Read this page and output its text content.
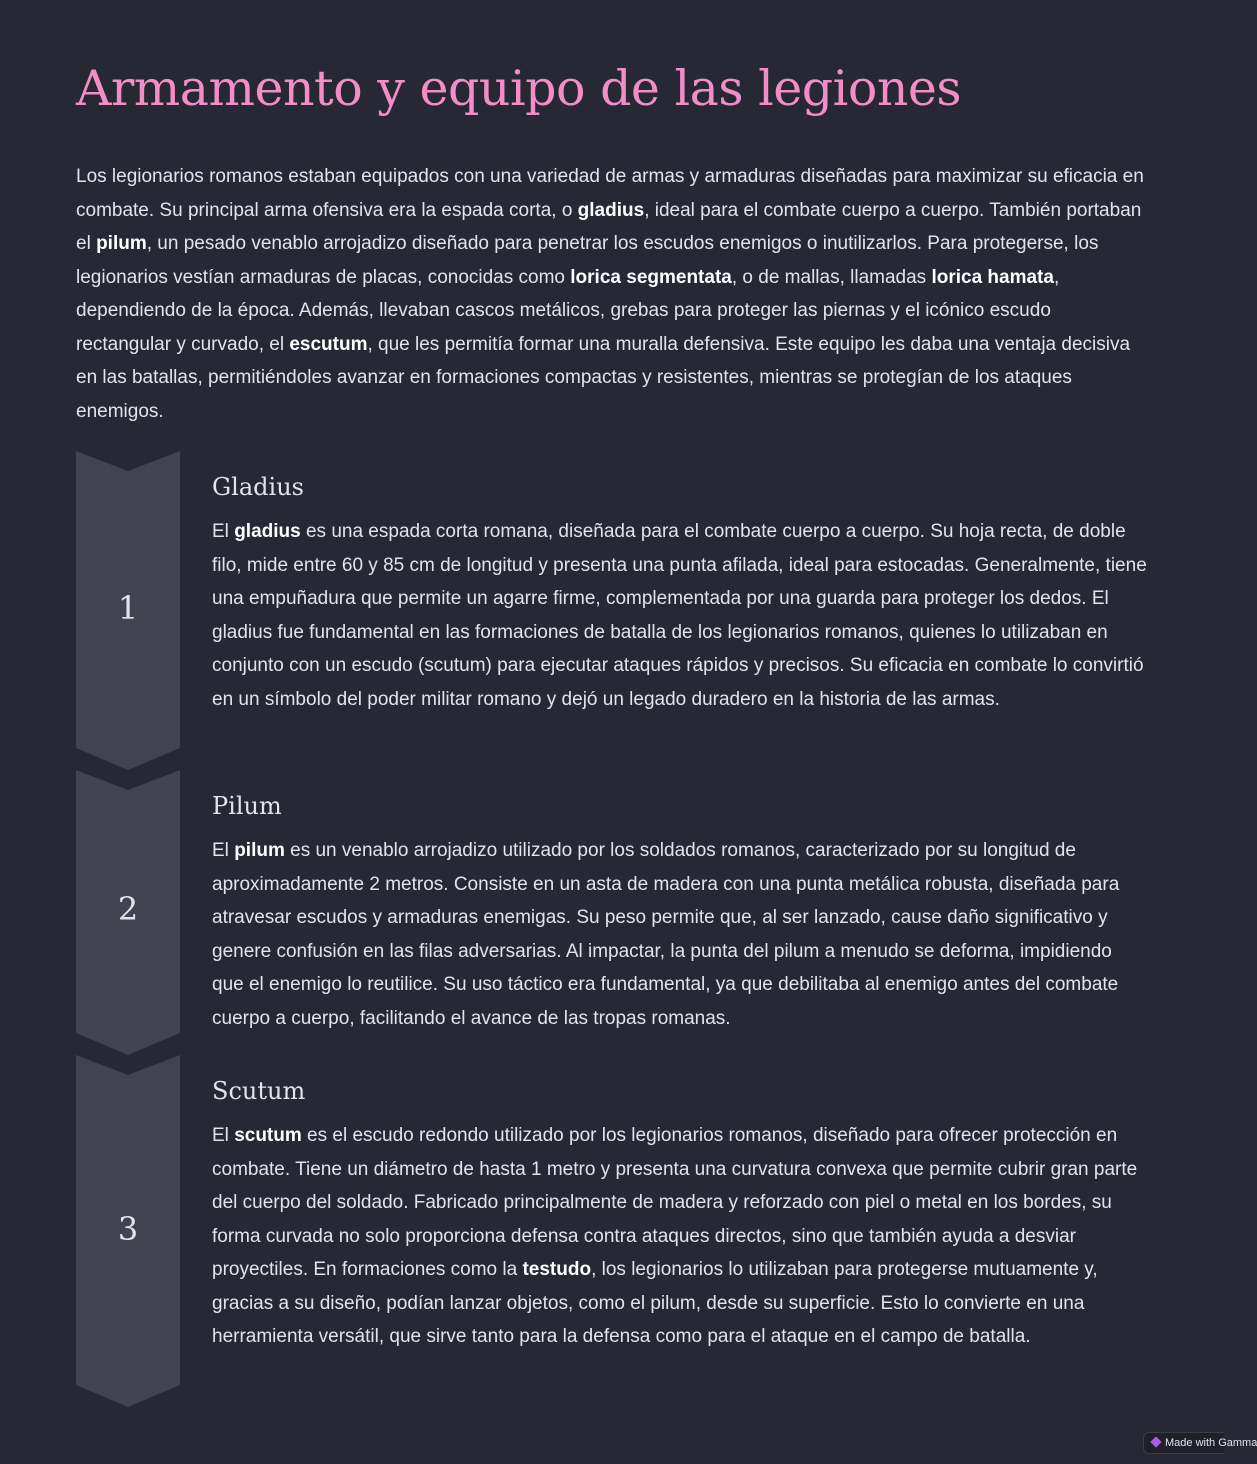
Armamento y equipo de las legiones

Los legionarios romanos estaban equipados con una variedad de armas y armaduras diseñadas para maximizar su eficacia en combate. Su principal arma ofensiva era la espada corta, o gladius, ideal para el combate cuerpo a cuerpo. También portaban el pilum, un pesado venablo arrojadizo diseñado para penetrar los escudos enemigos o inutilizarlos. Para protegerse, los legionarios vestían armaduras de placas, conocidas como lorica segmentata, o de mallas, llamadas lorica hamata, dependiendo de la época. Además, llevaban cascos metálicos, grebas para proteger las piernas y el icónico escudo rectangular y curvado, el escutum, que les permitía formar una muralla defensiva. Este equipo les daba una ventaja decisiva en las batallas, permitiéndoles avanzar en formaciones compactas y resistentes, mientras se protegían de los ataques enemigos.

1
Gladius

El gladius es una espada corta romana, diseñada para el combate cuerpo a cuerpo. Su hoja recta, de doble filo, mide entre 60 y 85 cm de longitud y presenta una punta afilada, ideal para estocadas. Generalmente, tiene una empuñadura que permite un agarre firme, complementada por una guarda para proteger los dedos. El gladius fue fundamental en las formaciones de batalla de los legionarios romanos, quienes lo utilizaban en conjunto con un escudo (scutum) para ejecutar ataques rápidos y precisos. Su eficacia en combate lo convirtió en un símbolo del poder militar romano y dejó un legado duradero en la historia de las armas.

2
Pilum

El pilum es un venablo arrojadizo utilizado por los soldados romanos, caracterizado por su longitud de aproximadamente 2 metros. Consiste en un asta de madera con una punta metálica robusta, diseñada para atravesar escudos y armaduras enemigas. Su peso permite que, al ser lanzado, cause daño significativo y genere confusión en las filas adversarias. Al impactar, la punta del pilum a menudo se deforma, impidiendo que el enemigo lo reutilice. Su uso táctico era fundamental, ya que debilitaba al enemigo antes del combate cuerpo a cuerpo, facilitando el avance de las tropas romanas.

3
Scutum

El scutum es el escudo redondo utilizado por los legionarios romanos, diseñado para ofrecer protección en combate. Tiene un diámetro de hasta 1 metro y presenta una curvatura convexa que permite cubrir gran parte del cuerpo del soldado. Fabricado principalmente de madera y reforzado con piel o metal en los bordes, su forma curvada no solo proporciona defensa contra ataques directos, sino que también ayuda a desviar proyectiles. En formaciones como la testudo, los legionarios lo utilizaban para protegerse mutuamente y, gracias a su diseño, podían lanzar objetos, como el pilum, desde su superficie. Esto lo convierte en una herramienta versátil, que sirve tanto para la defensa como para el ataque en el campo de batalla.

Made with Gamma
